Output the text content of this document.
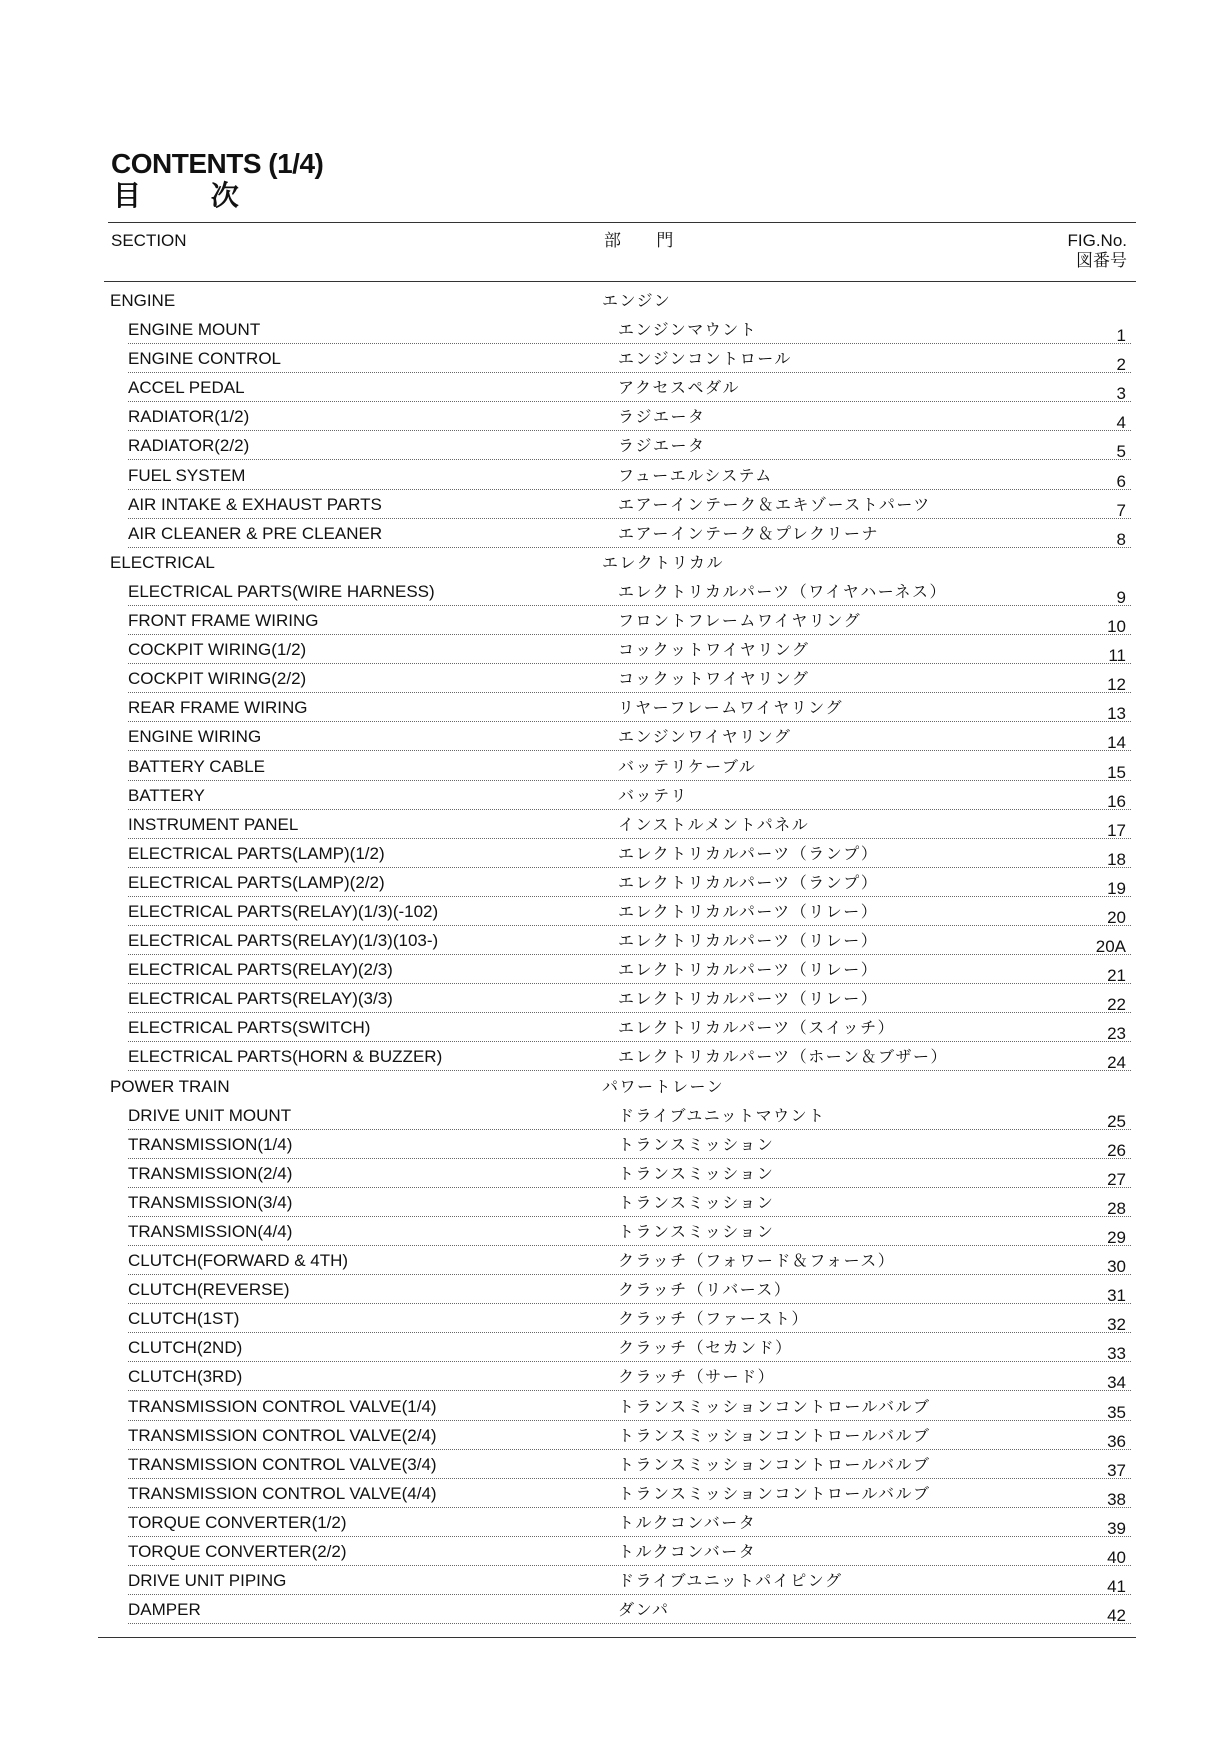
CONTENTS (1/4)
目 次
SECTION	部 門	FIG.No.
図番号
ENGINE	エンジン
ENGINE MOUNT	エンジンマウント	1
ENGINE CONTROL	エンジンコントロール	2
ACCEL PEDAL	アクセスペダル	3
RADIATOR(1/2)	ラジエータ	4
RADIATOR(2/2)	ラジエータ	5
FUEL SYSTEM	フューエルシステム	6
AIR INTAKE & EXHAUST PARTS	エアーインテーク＆エキゾーストパーツ	7
AIR CLEANER & PRE CLEANER	エアーインテーク＆プレクリーナ	8
ELECTRICAL	エレクトリカル
ELECTRICAL PARTS(WIRE HARNESS)	エレクトリカルパーツ（ワイヤハーネス）	9
FRONT FRAME WIRING	フロントフレームワイヤリング	10
COCKPIT WIRING(1/2)	コックットワイヤリング	11
COCKPIT WIRING(2/2)	コックットワイヤリング	12
REAR FRAME WIRING	リヤーフレームワイヤリング	13
ENGINE WIRING	エンジンワイヤリング	14
BATTERY CABLE	バッテリケーブル	15
BATTERY	バッテリ	16
INSTRUMENT PANEL	インストルメントパネル	17
ELECTRICAL PARTS(LAMP)(1/2)	エレクトリカルパーツ（ランプ）	18
ELECTRICAL PARTS(LAMP)(2/2)	エレクトリカルパーツ（ランプ）	19
ELECTRICAL PARTS(RELAY)(1/3)(-102)	エレクトリカルパーツ（リレー）	20
ELECTRICAL PARTS(RELAY)(1/3)(103-)	エレクトリカルパーツ（リレー）	20A
ELECTRICAL PARTS(RELAY)(2/3)	エレクトリカルパーツ（リレー）	21
ELECTRICAL PARTS(RELAY)(3/3)	エレクトリカルパーツ（リレー）	22
ELECTRICAL PARTS(SWITCH)	エレクトリカルパーツ（スイッチ）	23
ELECTRICAL PARTS(HORN & BUZZER)	エレクトリカルパーツ（ホーン＆ブザー）	24
POWER TRAIN	パワートレーン
DRIVE UNIT MOUNT	ドライブユニットマウント	25
TRANSMISSION(1/4)	トランスミッション	26
TRANSMISSION(2/4)	トランスミッション	27
TRANSMISSION(3/4)	トランスミッション	28
TRANSMISSION(4/4)	トランスミッション	29
CLUTCH(FORWARD & 4TH)	クラッチ（フォワード＆フォース）	30
CLUTCH(REVERSE)	クラッチ（リバース）	31
CLUTCH(1ST)	クラッチ（ファースト）	32
CLUTCH(2ND)	クラッチ（セカンド）	33
CLUTCH(3RD)	クラッチ（サード）	34
TRANSMISSION CONTROL VALVE(1/4)	トランスミッションコントロールバルブ	35
TRANSMISSION CONTROL VALVE(2/4)	トランスミッションコントロールバルブ	36
TRANSMISSION CONTROL VALVE(3/4)	トランスミッションコントロールバルブ	37
TRANSMISSION CONTROL VALVE(4/4)	トランスミッションコントロールバルブ	38
TORQUE CONVERTER(1/2)	トルクコンバータ	39
TORQUE CONVERTER(2/2)	トルクコンバータ	40
DRIVE UNIT PIPING	ドライブユニットパイピング	41
DAMPER	ダンパ	42
